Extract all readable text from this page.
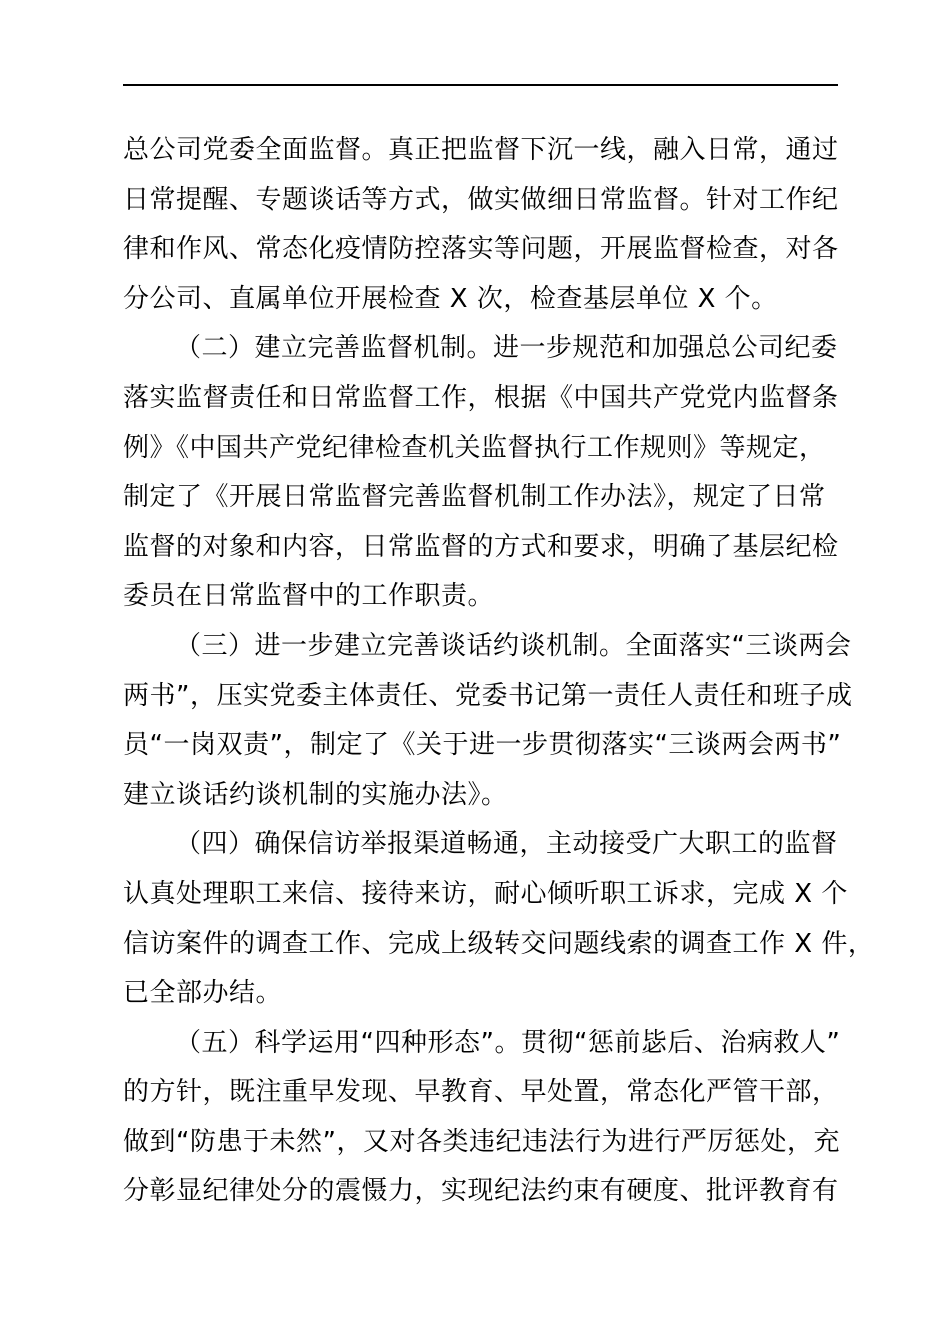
总公司党委全面监督。真正把监督下沉一线，融入日常，通过
日常提醒、专题谈话等方式，做实做细日常监督。针对工作纪
律和作风、常态化疫情防控落实等问题，开展监督检查，对各
分公司、直属单位开展检查 X 次，检查基层单位 X 个。
（二）建立完善监督机制。进一步规范和加强总公司纪委
落实监督责任和日常监督工作，根据《中国共产党党内监督条
例》《中国共产党纪律检查机关监督执行工作规则》等规定，
制定了《开展日常监督完善监督机制工作办法》，规定了日常
监督的对象和内容，日常监督的方式和要求，明确了基层纪检
委员在日常监督中的工作职责。
（三）进一步建立完善谈话约谈机制。全面落实“三谈两会
两书”，压实党委主体责任、党委书记第一责任人责任和班子成
员“一岗双责”，制定了《关于进一步贯彻落实“三谈两会两书”
建立谈话约谈机制的实施办法》。
（四）确保信访举报渠道畅通，主动接受广大职工的监督
认真处理职工来信、接待来访，耐心倾听职工诉求，完成 X 个
信访案件的调查工作、完成上级转交问题线索的调查工作 X 件，
已全部办结。
（五）科学运用“四种形态”。贯彻“惩前毖后、治病救人”
的方针，既注重早发现、早教育、早处置，常态化严管干部，
做到“防患于未然”，又对各类违纪违法行为进行严厉惩处，充
分彰显纪律处分的震慑力，实现纪法约束有硬度、批评教育有
